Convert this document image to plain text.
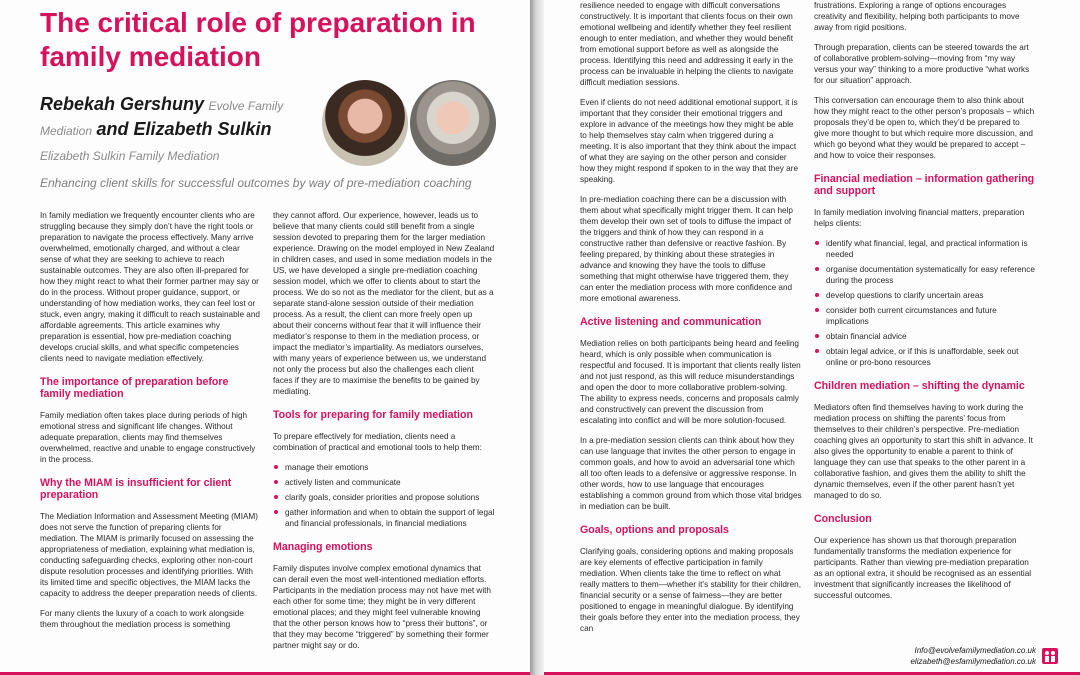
The critical role of preparation in family mediation
Rebekah Gershuny Evolve Family
Mediation and Elizabeth Sulkin
Elizabeth Sulkin Family Mediation
Enhancing client skills for successful outcomes by way of pre-mediation coaching

In family mediation we frequently encounter clients who are struggling because they simply don’t have the right tools or preparation to navigate the process effectively. Many arrive overwhelmed, emotionally charged, and without a clear sense of what they are seeking to achieve to reach sustainable outcomes. They are also often ill-prepared for how they might react to what their former partner may say or do in the process. Without proper guidance, support, or understanding of how mediation works, they can feel lost or stuck, even angry, making it difficult to reach sustainable and affordable agreements. This article examines why preparation is essential, how pre-mediation coaching develops crucial skills, and what specific competencies clients need to navigate mediation effectively.

The importance of preparation before family mediation

Family mediation often takes place during periods of high emotional stress and significant life changes. Without adequate preparation, clients may find themselves overwhelmed, reactive and unable to engage constructively in the process.

Why the MIAM is insufficient for client preparation

The Mediation Information and Assessment Meeting (MIAM) does not serve the function of preparing clients for mediation. The MIAM is primarily focused on assessing the appropriateness of mediation, explaining what mediation is, conducting safeguarding checks, exploring other non-court dispute resolution processes and identifying priorities. With its limited time and specific objectives, the MIAM lacks the capacity to address the deeper preparation needs of clients.

For many clients the luxury of a coach to work alongside them throughout the mediation process is something

they cannot afford. Our experience, however, leads us to believe that many clients could still benefit from a single session devoted to preparing them for the larger mediation experience. Drawing on the model employed in New Zealand in children cases, and used in some mediation models in the US, we have developed a single pre-mediation coaching session model, which we offer to clients about to start the process. We do so not as the mediator for the client, but as a separate stand-alone session outside of their mediation process. As a result, the client can more freely open up about their concerns without fear that it will influence their mediator’s response to them in the mediation process, or impact the mediator’s impartiality. As mediators ourselves, with many years of experience between us, we understand not only the process but also the challenges each client faces if they are to maximise the benefits to be gained by mediating.

Tools for preparing for family mediation

To prepare effectively for mediation, clients need a combination of practical and emotional tools to help them:

manage their emotions
actively listen and communicate
clarify goals, consider priorities and propose solutions
gather information and when to obtain the support of legal and financial professionals, in financial mediations
Managing emotions

Family disputes involve complex emotional dynamics that can derail even the most well-intentioned mediation efforts. Participants in the mediation process may not have met with each other for some time; they might be in very different emotional places; and they might feel vulnerable knowing that the other person knows how to “press their buttons”, or that they may become “triggered” by something their former partner might say or do.

resilience needed to engage with difficult conversations constructively. It is important that clients focus on their own emotional wellbeing and identify whether they feel resilient enough to enter mediation, and whether they would benefit from emotional support before as well as alongside the process. Identifying this need and addressing it early in the process can be invaluable in helping the clients to navigate difficult mediation sessions.

Even if clients do not need additional emotional support, it is important that they consider their emotional triggers and explore in advance of the meetings how they might be able to help themselves stay calm when triggered during a meeting. It is also important that they think about the impact of what they are saying on the other person and consider how they might respond if spoken to in the way that they are speaking.

In pre-mediation coaching there can be a discussion with them about what specifically might trigger them. It can help them develop their own set of tools to diffuse the impact of the triggers and think of how they can respond in a constructive rather than defensive or reactive fashion. By feeling prepared, by thinking about these strategies in advance and knowing they have the tools to diffuse something that might otherwise have triggered them, they can enter the mediation process with more confidence and more emotional awareness.

Active listening and communication

Mediation relies on both participants being heard and feeling heard, which is only possible when communication is respectful and focused. It is important that clients really listen and not just respond, as this will reduce misunderstandings and open the door to more collaborative problem-solving. The ability to express needs, concerns and proposals calmly and constructively can prevent the discussion from escalating into conflict and will be more solution-focused.

In a pre-mediation session clients can think about how they can use language that invites the other person to engage in common goals, and how to avoid an adversarial tone which all too often leads to a defensive or aggressive response. In other words, how to use language that encourages establishing a common ground from which those vital bridges in mediation can be built.

Goals, options and proposals

Clarifying goals, considering options and making proposals are key elements of effective participation in family mediation. When clients take the time to reflect on what really matters to them—whether it’s stability for their children, financial security or a sense of fairness—they are better positioned to engage in meaningful dialogue. By identifying their goals before they enter into the mediation process, they can

frustrations. Exploring a range of options encourages creativity and flexibility, helping both participants to move away from rigid positions.

Through preparation, clients can be steered towards the art of collaborative problem-solving—moving from “my way versus your way” thinking to a more productive “what works for our situation” approach.

This conversation can encourage them to also think about how they might react to the other person’s proposals – which proposals they’d be open to, which they’d be prepared to give more thought to but which require more discussion, and which go beyond what they would be prepared to accept – and how to voice their responses.

Financial mediation – information gathering and support

In family mediation involving financial matters, preparation helps clients:

identify what financial, legal, and practical information is needed
organise documentation systematically for easy reference during the process
develop questions to clarify uncertain areas
consider both current circumstances and future implications
obtain financial advice
obtain legal advice, or if this is unaffordable, seek out online or pro-bono resources
Children mediation – shifting the dynamic

Mediators often find themselves having to work during the mediation process on shifting the parents’ focus from themselves to their children’s perspective. Pre-mediation coaching gives an opportunity to start this shift in advance. It also gives the opportunity to enable a parent to think of language they can use that speaks to the other parent in a collaborative fashion, and gives them the ability to shift the dynamic themselves, even if the other parent hasn’t yet managed to do so.

Conclusion

Our experience has shown us that thorough preparation fundamentally transforms the mediation experience for participants. Rather than viewing pre-mediation preparation as an optional extra, it should be recognised as an essential investment that significantly increases the likelihood of successful outcomes.

Info@evolvefamilymediation.co.uk
elizabeth@esfamilymediation.co.uk
